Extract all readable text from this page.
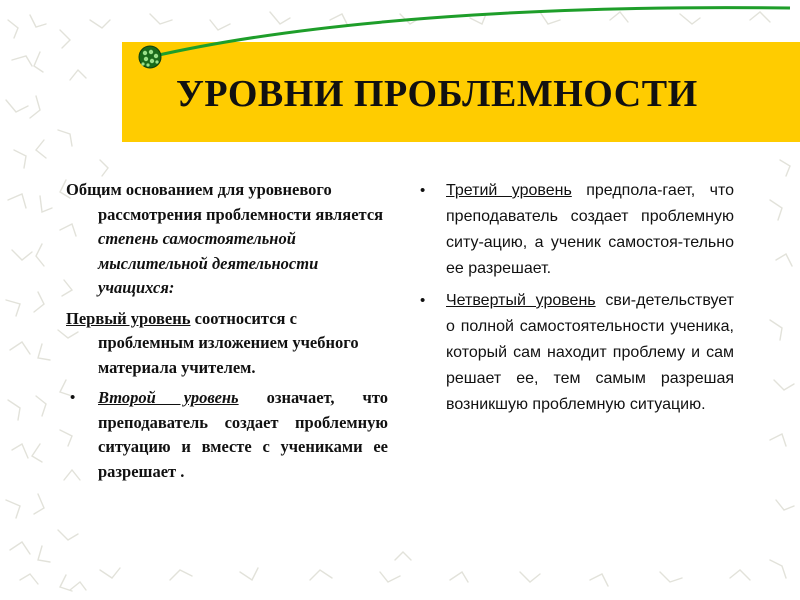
УРОВНИ ПРОБЛЕМНОСТИ
Общим основанием для уровневого рассмотрения проблемности является степень самостоятельной мыслительной деятельности учащихся:
Первый уровень соотносится с проблемным изложением учебного материала учителем.
• Второй уровень означает, что преподаватель создает проблемную ситуацию и вместе с учениками ее разрешает .
• Третий уровень предпола-гает, что преподаватель создает проблемную ситу-ацию, а ученик самостоя-тельно ее разрешает.
• Четвертый уровень сви-детельствует о полной самостоятельности ученика, который сам находит проблему и сам решает ее, тем самым разрешая возникшую проблемную ситуацию.
